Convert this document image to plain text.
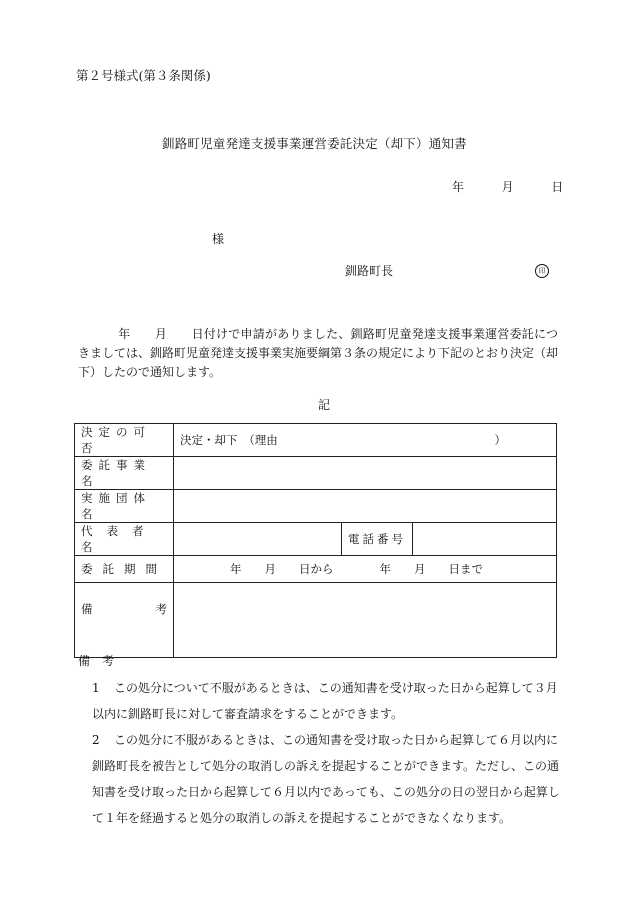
第２号様式(第３条関係)
釧路町児童発達支援事業運営委託決定（却下）通知書
年	月	日
様
釧路町長	印
年　　月　　日付けで申請がありました、釧路町児童発達支援事業運営委託につきましては、釧路町児童発達支援事業実施要綱第３条の規定により下記のとおり決定（却下）したので通知します。
記
決定の可否	決定・却下　（理由 ）		

委託事業名			
実施団体名			
代表者名		電話番号	
委託期間	年　　月　　日から　　　　年　　月　　日まで		

備 考			

備考
1 この処分について不服があるときは、この通知書を受け取った日から起算して３月以内に釧路町長に対して審査請求をすることができます。
2 この処分に不服があるときは、この通知書を受け取った日から起算して６月以内に釧路町長を被告として処分の取消しの訴えを提起することができます。ただし、この通知書を受け取った日から起算して６月以内であっても、この処分の日の翌日から起算して１年を経過すると処分の取消しの訴えを提起することができなくなります。
